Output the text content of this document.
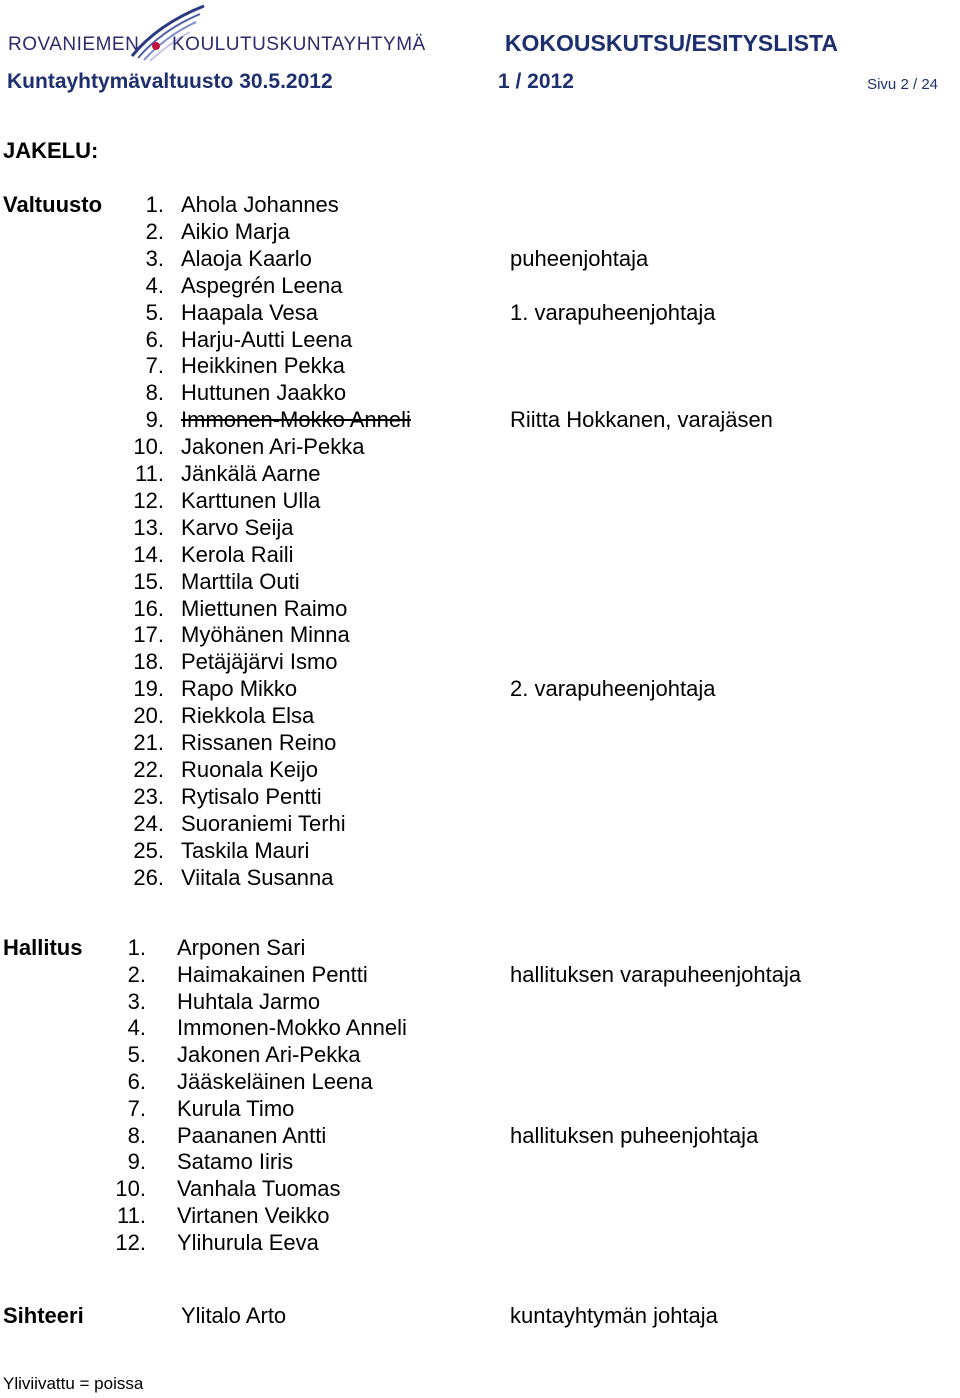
ROVANIEMEN KOULUTUSKUNTAYHTYMÄ	KOKOUSKUTSU/ESITYSLISTA
Kuntayhtymävaltuusto 30.5.2012	1 / 2012	Sivu 2 / 24
JAKELU:
Valtuusto	1. Ahola Johannes
2. Aikio Marja
3. Alaoja Kaarlo	puheenjohtaja
4. Aspegrén Leena
5. Haapala Vesa	1. varapuheenjohtaja
6. Harju-Autti Leena
7. Heikkinen Pekka
8. Huttunen Jaakko
9. Immonen-Mokko Anneli	Riitta Hokkanen, varajäsen
10. Jakonen Ari-Pekka
11. Jänkälä Aarne
12. Karttunen Ulla
13. Karvo Seija
14. Kerola Raili
15. Marttila Outi
16. Miettunen Raimo
17. Myöhänen Minna
18. Petäjäjärvi Ismo
19. Rapo Mikko	2. varapuheenjohtaja
20. Riekkola Elsa
21. Rissanen Reino
22. Ruonala Keijo
23. Rytisalo Pentti
24. Suoraniemi Terhi
25. Taskila Mauri
26. Viitala Susanna
Hallitus	1. Arponen Sari
2. Haimakainen Pentti	hallituksen varapuheenjohtaja
3. Huhtala Jarmo
4. Immonen-Mokko Anneli
5. Jakonen Ari-Pekka
6. Jääskeläinen Leena
7. Kurula Timo
8. Paananen Antti	hallituksen puheenjohtaja
9. Satamo Iiris
10. Vanhala Tuomas
11. Virtanen Veikko
12. Ylihurula Eeva
Sihteeri	Ylitalo Arto	kuntayhtymän johtaja
Yliviivattu = poissa
